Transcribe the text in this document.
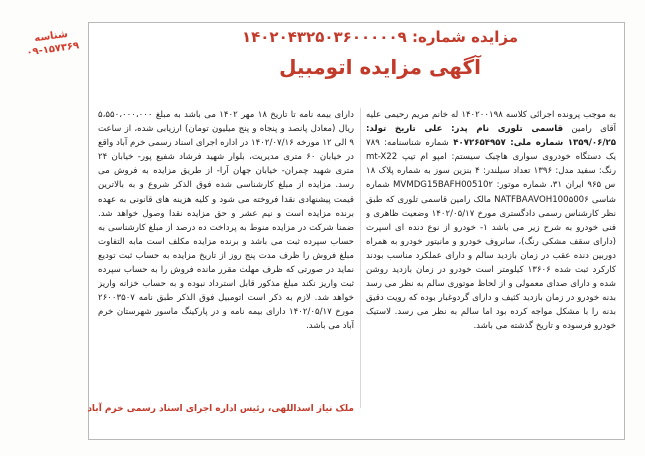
شناسه
۰۹-۱۵۷۳۶۹
مزایده شماره: ۱۴۰۲۰۴۳۲۵۰۳۶۰۰۰۰۰۹
آگهی مزایده اتومبیل
به موجب پرونده اجرائی کلاسه ۱۴۰۲۰۰۱۹۸ له خانم مریم رحیمی علیه آقای رامین قاسمی تلوری نام پدر: علی تاریخ تولد: ۱۳۵۹/۰۶/۲۵ شماره ملی: ۴۰۷۲۶۵۴۹۵۷ شماره شناسنامه: ۷۸۹ یک دستگاه خودروی سواری هاچبک سیستم: امپو ام تیپ mt-X22 رنگ: سفید مدل: ۱۳۹۶ تعداد سیلندر: ۴ بنزین سوز به شماره پلاک ۱۸ س ۹۶۵ ایران ۳۱، شماره موتور: MVMDG15BAFH00510۲ شماره شاسی NATFBAAVOH100۵00۶ مالک رامین قاسمی تلوری که طبق نظر کارشناس رسمی دادگستری مورخ ۱۴۰۲/۰۵/۱۷ وضعیت ظاهری و فنی خودرو به شرح زیر می باشد ۱- خودرو از نوع دنده ای اسپرت (دارای سقف مشکی رنگ)، سانروف خودرو و مانیتور خودرو به همراه دوربین دنده عقب در زمان بازدید سالم و دارای عملکرد مناسب بودند کارکرد ثبت شده ۱۳۶۰۶ کیلومتر است خودرو در زمان بازدید روشن شده و دارای صدای معمولی و از لحاظ موتوری سالم به نظر می رسد بدنه خودرو در زمان بازدید کثیف و دارای گردوغبار بوده که رویت دقیق بدنه را با مشکل مواجه کرده بود اما سالم به نظر می رسد. لاستیک خودرو فرسوده و تاریخ گذشته می باشد.
دارای بیمه نامه تا تاریخ ۱۸ مهر ۱۴۰۲ می باشد به مبلغ ۵،۵۵۰،۰۰۰،۰۰۰ ریال (معادل پانصد و پنجاه و پنج میلیون تومان) ارزیابی شده، از ساعت ۹ الی ۱۲ مورخه ۱۴۰۲/۰۷/۱۶ در اداره اجرای اسناد رسمی خرم آباد واقع در خیابان ۶۰ متری مدیریت، بلوار شهید فرشاد شفیع پور- خیابان ۲۴ متری شهید چمران- خیابان جهان آرا- از طریق مزایده به فروش می رسد. مزایده از مبلغ کارشناسی شده فوق الذکر شروع و به بالاترین قیمت پیشنهادی نقدا فروخته می شود و کلیه هزینه های قانونی به عهده برنده مزایده است و نیم عشر و حق مزایده نقدا وصول خواهد شد. ضمنا شرکت در مزایده منوط به پرداخت ده درصد از مبلغ کارشناسی به حساب سپرده ثبت می باشد و برنده مزایده مکلف است مابه التفاوت مبلغ فروش را ظرف مدت پنج روز از تاریخ مزایده به حساب ثبت تودیع نماید در صورتی که ظرف مهلت مقرر مانده فروش را به حساب سپرده ثبت واریز نکند مبلغ مذکور قابل استرداد نبوده و به حساب خزانه واریز خواهد شد. لازم به ذکر است اتومبیل فوق الذکر طبق نامه ۲۶۰۰۳۵۰۷ مورخ ۱۴۰۲/۰۵/۱۷ دارای بیمه نامه و در پارکینگ ماسور شهرستان خرم آباد می باشد.
ملک نیاز اسداللهی، رئیس اداره اجرای اسناد رسمی خرم آباد
